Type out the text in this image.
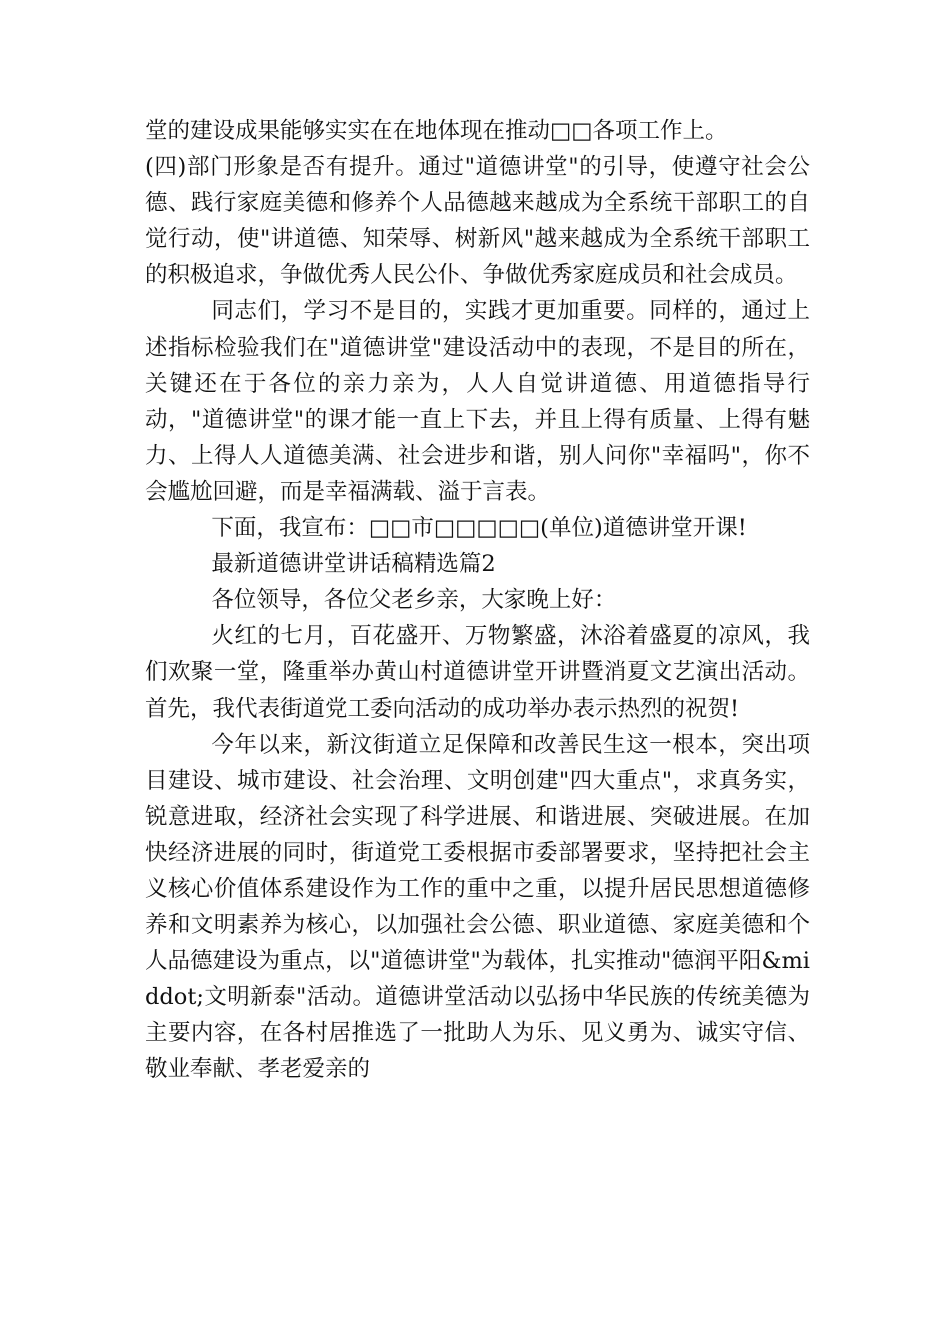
堂的建设成果能够实实在在地体现在推动□□各项工作上。

(四)部门形象是否有提升。通过"道德讲堂"的引导，使遵守社会公德、践行家庭美德和修养个人品德越来越成为全系统干部职工的自觉行动，使"讲道德、知荣辱、树新风"越来越成为全系统干部职工的积极追求，争做优秀人民公仆、争做优秀家庭成员和社会成员。

同志们，学习不是目的，实践才更加重要。同样的，通过上述指标检验我们在"道德讲堂"建设活动中的表现，不是目的所在，关键还在于各位的亲力亲为，人人自觉讲道德、用道德指导行动，"道德讲堂"的课才能一直上下去，并且上得有质量、上得有魅力、上得人人道德美满、社会进步和谐，别人问你"幸福吗"，你不会尴尬回避，而是幸福满载、溢于言表。

下面，我宣布：□□市□□□□□(单位)道德讲堂开课!

最新道德讲堂讲话稿精选篇2

各位领导，各位父老乡亲，大家晚上好：

火红的七月，百花盛开、万物繁盛，沐浴着盛夏的凉风，我们欢聚一堂，隆重举办黄山村道德讲堂开讲暨消夏文艺演出活动。首先，我代表街道党工委向活动的成功举办表示热烈的祝贺!

今年以来，新汶街道立足保障和改善民生这一根本，突出项目建设、城市建设、社会治理、文明创建"四大重点"，求真务实，锐意进取，经济社会实现了科学进展、和谐进展、突破进展。在加快经济进展的同时，街道党工委根据市委部署要求，坚持把社会主义核心价值体系建设作为工作的重中之重，以提升居民思想道德修养和文明素养为核心，以加强社会公德、职业道德、家庭美德和个人品德建设为重点，以"道德讲堂"为载体，扎实推动"德润平阳&middot;文明新泰"活动。道德讲堂活动以弘扬中华民族的传统美德为主要内容，在各村居推选了一批助人为乐、见义勇为、诚实守信、敬业奉献、孝老爱亲的
